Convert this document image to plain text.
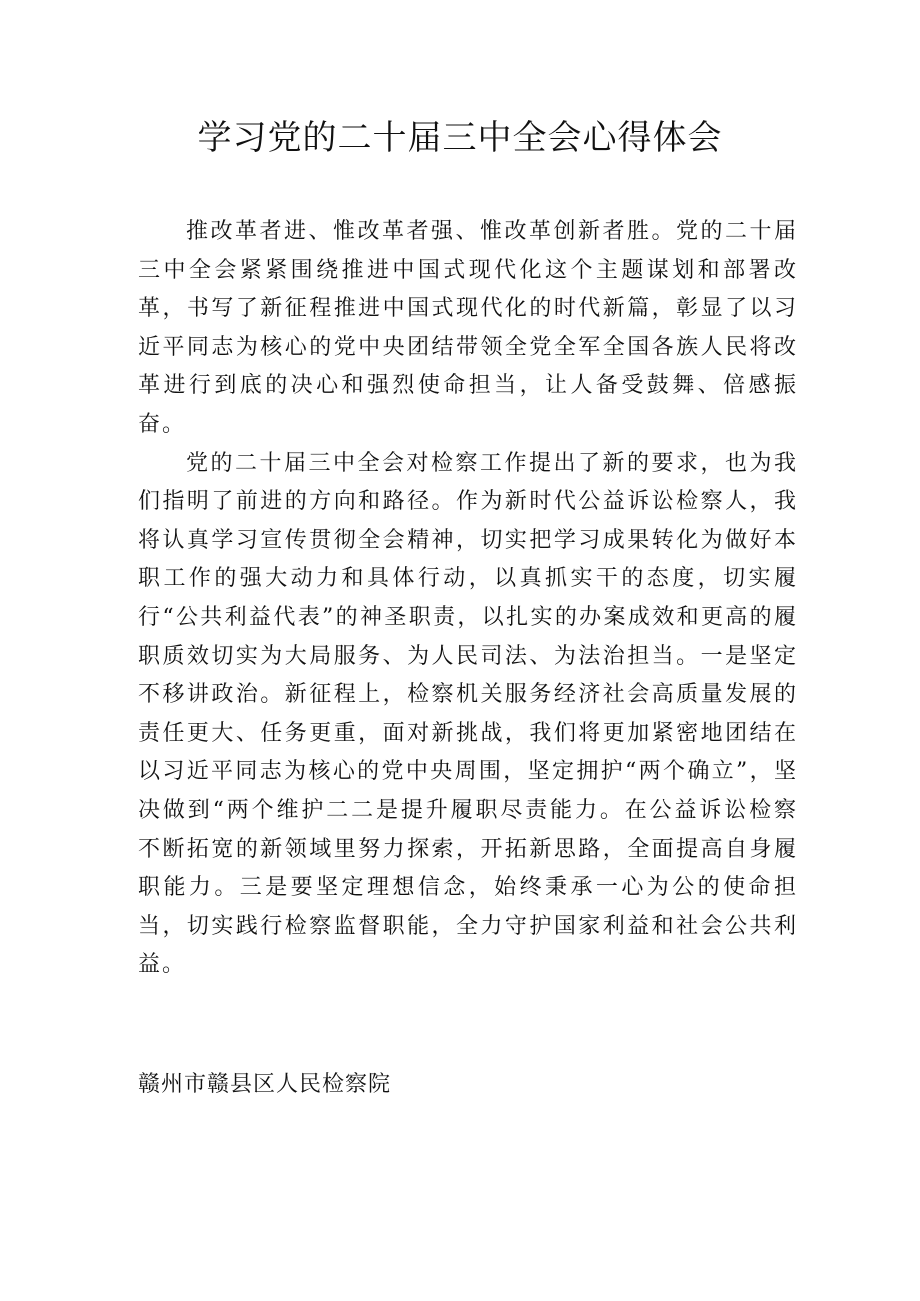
学习党的二十届三中全会心得体会

推改革者进、惟改革者强、惟改革创新者胜。党的二十届三中全会紧紧围绕推进中国式现代化这个主题谋划和部署改革，书写了新征程推进中国式现代化的时代新篇，彰显了以习近平同志为核心的党中央团结带领全党全军全国各族人民将改革进行到底的决心和强烈使命担当，让人备受鼓舞、倍感振奋。

党的二十届三中全会对检察工作提出了新的要求，也为我们指明了前进的方向和路径。作为新时代公益诉讼检察人，我将认真学习宣传贯彻全会精神，切实把学习成果转化为做好本职工作的强大动力和具体行动，以真抓实干的态度，切实履行“公共利益代表”的神圣职责，以扎实的办案成效和更高的履职质效切实为大局服务、为人民司法、为法治担当。一是坚定不移讲政治。新征程上，检察机关服务经济社会高质量发展的责任更大、任务更重，面对新挑战，我们将更加紧密地团结在以习近平同志为核心的党中央周围，坚定拥护“两个确立”，坚决做到“两个维护二二是提升履职尽责能力。在公益诉讼检察不断拓宽的新领域里努力探索，开拓新思路，全面提高自身履职能力。三是要坚定理想信念，始终秉承一心为公的使命担当，切实践行检察监督职能，全力守护国家利益和社会公共利益。

赣州市赣县区人民检察院
